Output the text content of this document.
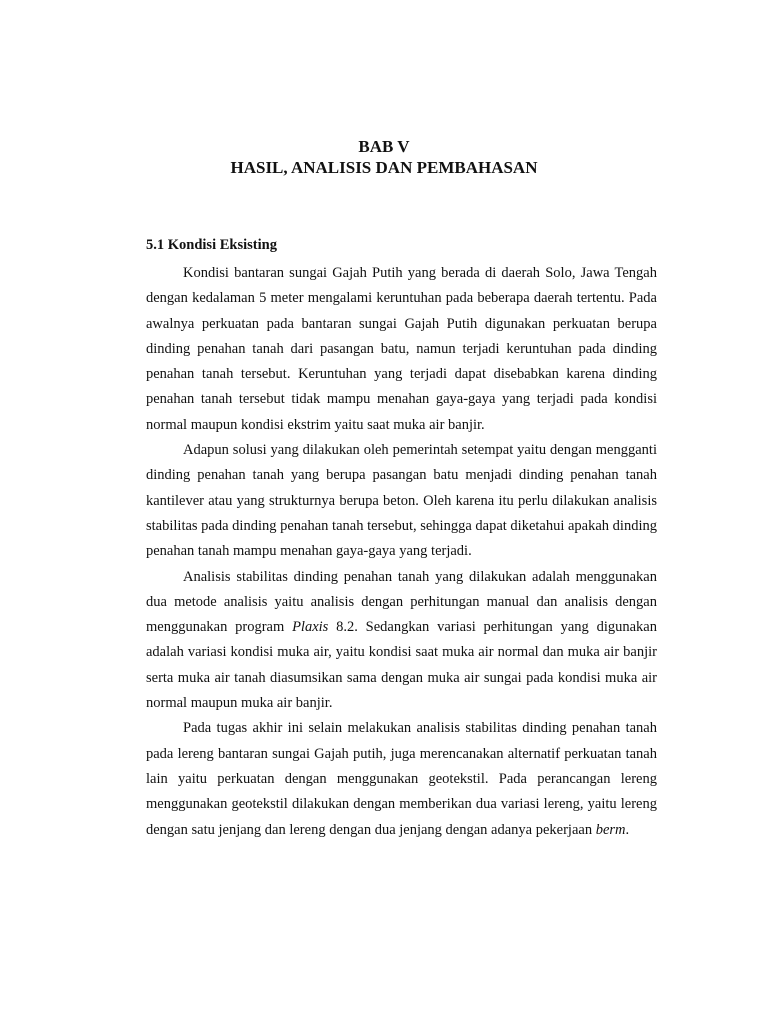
BAB V
HASIL, ANALISIS DAN PEMBAHASAN
5.1 Kondisi Eksisting

Kondisi bantaran sungai Gajah Putih yang berada di daerah Solo, Jawa Tengah dengan kedalaman 5 meter mengalami keruntuhan pada beberapa daerah tertentu. Pada awalnya perkuatan pada bantaran sungai Gajah Putih digunakan perkuatan berupa dinding penahan tanah dari pasangan batu, namun terjadi keruntuhan pada dinding penahan tanah tersebut. Keruntuhan yang terjadi dapat disebabkan karena dinding penahan tanah tersebut tidak mampu menahan gaya-gaya yang terjadi pada kondisi normal maupun kondisi ekstrim yaitu saat muka air banjir.

Adapun solusi yang dilakukan oleh pemerintah setempat yaitu dengan mengganti dinding penahan tanah yang berupa pasangan batu menjadi dinding penahan tanah kantilever atau yang strukturnya berupa beton. Oleh karena itu perlu dilakukan analisis stabilitas pada dinding penahan tanah tersebut, sehingga dapat diketahui apakah dinding penahan tanah mampu menahan gaya-gaya yang terjadi.

Analisis stabilitas dinding penahan tanah yang dilakukan adalah menggunakan dua metode analisis yaitu analisis dengan perhitungan manual dan analisis dengan menggunakan program Plaxis 8.2. Sedangkan variasi perhitungan yang digunakan adalah variasi kondisi muka air, yaitu kondisi saat muka air normal dan muka air banjir serta muka air tanah diasumsikan sama dengan muka air sungai pada kondisi muka air normal maupun muka air banjir.

Pada tugas akhir ini selain melakukan analisis stabilitas dinding penahan tanah pada lereng bantaran sungai Gajah putih, juga merencanakan alternatif perkuatan tanah lain yaitu perkuatan dengan menggunakan geotekstil. Pada perancangan lereng menggunakan geotekstil dilakukan dengan memberikan dua variasi lereng, yaitu lereng dengan satu jenjang dan lereng dengan dua jenjang dengan adanya pekerjaan berm.
